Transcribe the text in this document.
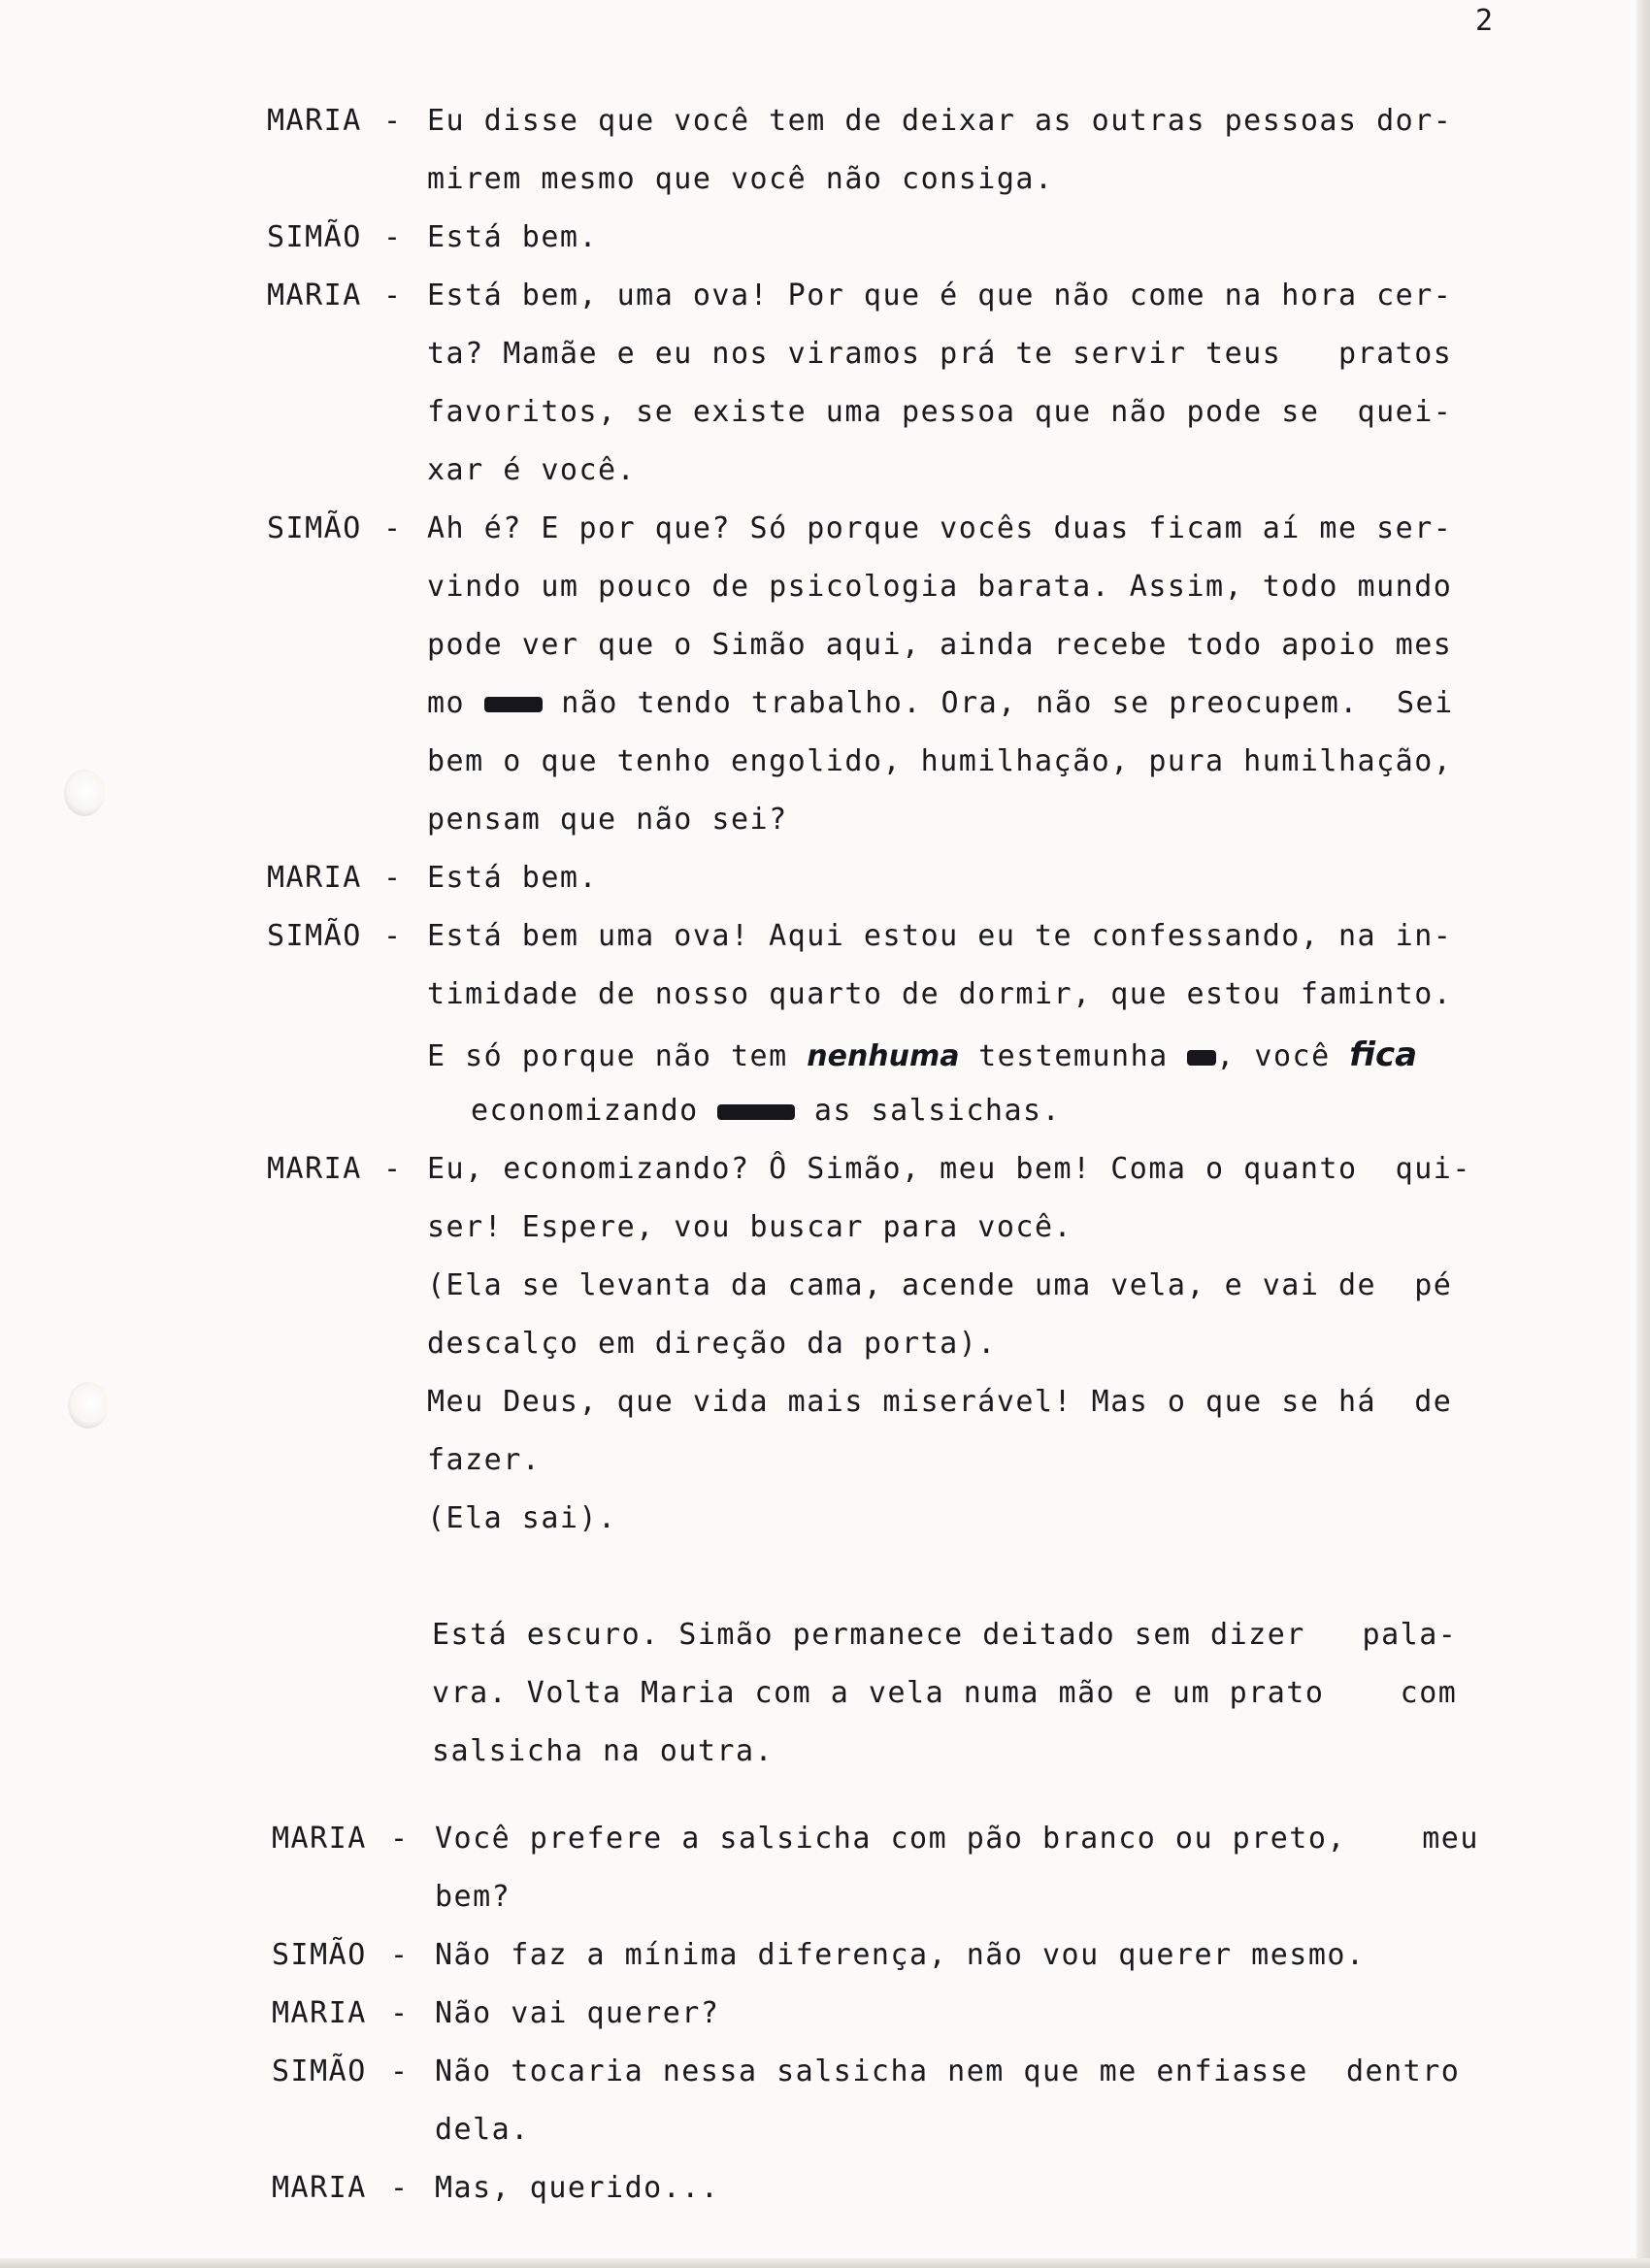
2
MARIA - Eu disse que você tem de deixar as outras pessoas dor-
mirem mesmo que você não consiga.
SIMÃO - Está bem.
MARIA - Está bem, uma ova! Por que é que não come na hora cer-
ta? Mamãe e eu nos viramos prá te servir teus   pratos
favoritos, se existe uma pessoa que não pode se  quei-
xar é você.
SIMÃO - Ah é? E por que? Só porque vocês duas ficam aí me ser-
vindo um pouco de psicologia barata. Assim, todo mundo
pode ver que o Simão aqui, ainda recebe todo apoio mes
mo	não tendo trabalho. Ora, não se preocupem.  Sei
bem o que tenho engolido, humilhação, pura humilhação,
pensam que não sei?
MARIA - Está bem.
SIMÃO - Está bem uma ova! Aqui estou eu te confessando, na in-
timidade de nosso quarto de dormir, que estou faminto.
E só porque não tem nenhuma testemunha , você fica
economizando	as salsichas.
MARIA - Eu, economizando? Ô Simão, meu bem! Coma o quanto  qui-
ser! Espere, vou buscar para você.
(Ela se levanta da cama, acende uma vela, e vai de  pé
descalço em direção da porta).
Meu Deus, que vida mais miserável! Mas o que se há  de
fazer.
(Ela sai).
Está escuro. Simão permanece deitado sem dizer   pala-
vra. Volta Maria com a vela numa mão e um prato    com
salsicha na outra.
MARIA - Você prefere a salsicha com pão branco ou preto,    meu
bem?
SIMÃO - Não faz a mínima diferença, não vou querer mesmo.
MARIA - Não vai querer?
SIMÃO - Não tocaria nessa salsicha nem que me enfiasse  dentro
dela.
MARIA - Mas, querido...
